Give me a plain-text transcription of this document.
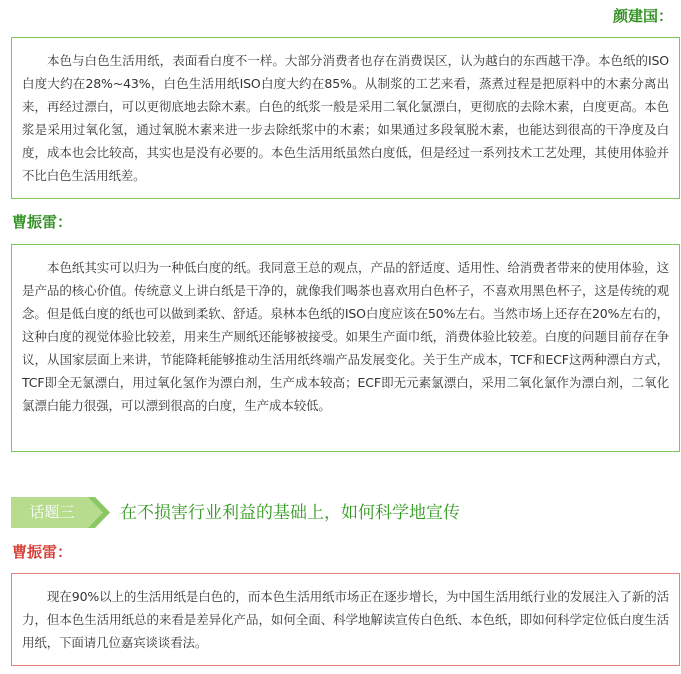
颜建国：

本色与白色生活用纸，表面看白度不一样。大部分消费者也存在消费误区，认为越白的东西越干净。本色纸的ISO白度大约在28%~43%，白色生活用纸ISO白度大约在85%。从制浆的工艺来看，蒸煮过程是把原料中的木素分离出来，再经过漂白，可以更彻底地去除木素。白色的纸浆一般是采用二氧化氯漂白，更彻底的去除木素，白度更高。本色浆是采用过氧化氢，通过氧脱木素来进一步去除纸浆中的木素；如果通过多段氧脱木素，也能达到很高的干净度及白度，成本也会比较高，其实也是没有必要的。本色生活用纸虽然白度低，但是经过一系列技术工艺处理，其使用体验并不比白色生活用纸差。

曹振雷：

本色纸其实可以归为一种低白度的纸。我同意王总的观点，产品的舒适度、适用性、给消费者带来的使用体验，这是产品的核心价值。传统意义上讲白纸是干净的，就像我们喝茶也喜欢用白色杯子，不喜欢用黑色杯子，这是传统的观念。但是低白度的纸也可以做到柔软、舒适。泉林本色纸的ISO白度应该在50%左右。当然市场上还存在20%左右的，这种白度的视觉体验比较差，用来生产厕纸还能够被接受。如果生产面巾纸，消费体验比较差。白度的问题目前存在争议，从国家层面上来讲，节能降耗能够推动生活用纸终端产品发展变化。关于生产成本，TCF和ECF这两种漂白方式，TCF即全无氯漂白，用过氧化氢作为漂白剂，生产成本较高；ECF即无元素氯漂白，采用二氧化氯作为漂白剂，二氧化氯漂白能力很强，可以漂到很高的白度，生产成本较低。

话题三	在不损害行业利益的基础上，如何科学地宣传
曹振雷：

现在90%以上的生活用纸是白色的，而本色生活用纸市场正在逐步增长，为中国生活用纸行业的发展注入了新的活力，但本色生活用纸总的来看是差异化产品，如何全面、科学地解读宣传白色纸、本色纸，即如何科学定位低白度生活用纸，下面请几位嘉宾谈谈看法。
